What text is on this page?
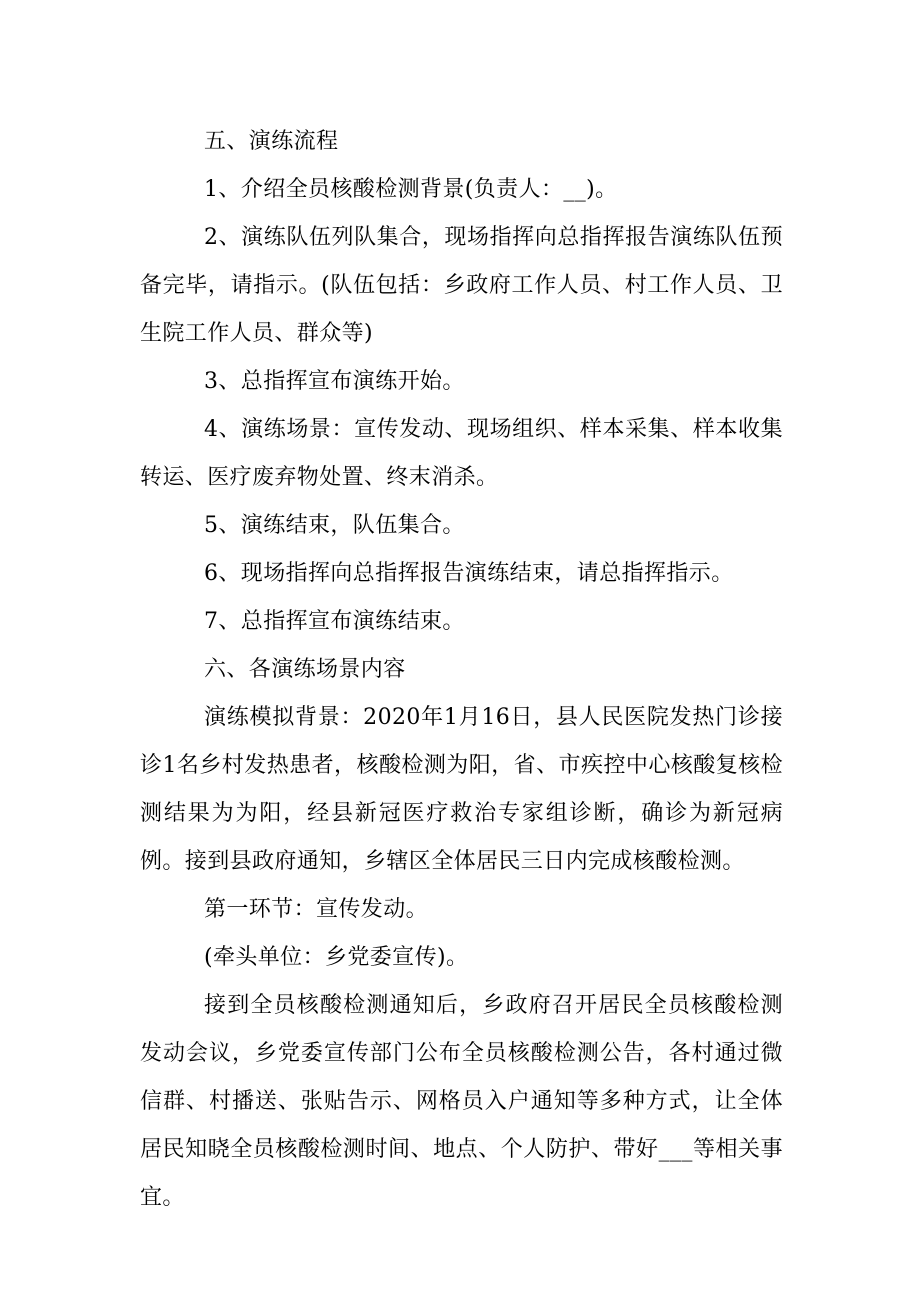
五、演练流程

1、介绍全员核酸检测背景(负责人：__)。

2、演练队伍列队集合，现场指挥向总指挥报告演练队伍预备完毕，请指示。(队伍包括：乡政府工作人员、村工作人员、卫生院工作人员、群众等)

3、总指挥宣布演练开始。

4、演练场景：宣传发动、现场组织、样本采集、样本收集转运、医疗废弃物处置、终末消杀。

5、演练结束，队伍集合。

6、现场指挥向总指挥报告演练结束，请总指挥指示。

7、总指挥宣布演练结束。

六、各演练场景内容

演练模拟背景：2020年1月16日，县人民医院发热门诊接诊1名乡村发热患者，核酸检测为阳，省、市疾控中心核酸复核检测结果为为阳，经县新冠医疗救治专家组诊断，确诊为新冠病例。接到县政府通知，乡辖区全体居民三日内完成核酸检测。

第一环节：宣传发动。

(牵头单位：乡党委宣传)。

接到全员核酸检测通知后，乡政府召开居民全员核酸检测发动会议，乡党委宣传部门公布全员核酸检测公告，各村通过微信群、村播送、张贴告示、网格员入户通知等多种方式，让全体居民知晓全员核酸检测时间、地点、个人防护、带好___等相关事宜。
